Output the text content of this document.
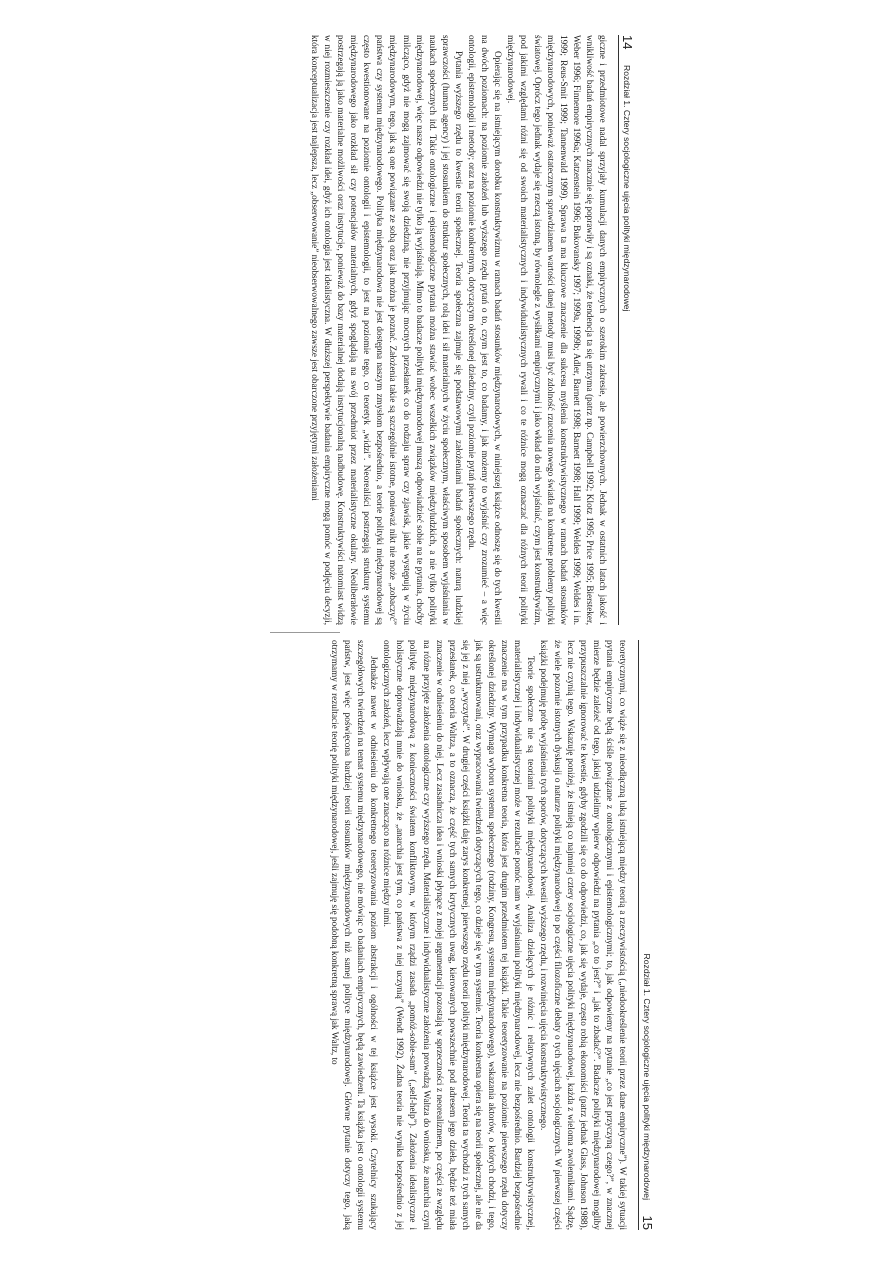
14
Rozdział 1. Cztery socjologiczne ujęcia polityki międzynarodowej

giczne i przedmiotowe nadal sprzyjały kumulacji danych empirycznych o szerokim zakresie, ale powierzchownych. Jednak w ostatnich latach jakość i wnikliwość badań empirycznych znacznie się poprawiły i są oznaki, że tendencja ta się utrzyma (patrz np. Campbell 1992; Klotz 1995; Price 1995; Biersteker, Weber 1996; Finnemore 1996a; Katzenstein 1996; Bukovansky 1997; 1999a, 1999b; Adler, Barnett 1998; Barnett 1998; Hall 1999; Weldes 1999; Weldes i in. 1999; Reus-Smit 1999; Tannenwald 1999). Sprawa ta ma kluczowe znaczenie dla sukcesu myślenia konstruktywistycznego w ramach badań stosunków międzynarodowych, ponieważ ostatecznym sprawdzianem wartości danej metody musi być zdolność rzucenia nowego światła na konkretne problemy polityki światowej. Oprócz tego jednak wydaje się rzeczą istotną, by równolegle z wysiłkami empirycznymi i jako wkład do nich wyjaśniać, czym jest konstruktywizm, pod jakimi względami różni się od swoich materialistycznych i indywidualistycznych rywali i co te różnice mogą oznaczać dla różnych teorii polityki międzynarodowej.

Opierając się na istniejącym dorobku konstruktywizmu w ramach badań stosunków międzynarodowych, w niniejszej książce odnoszę się do tych kwestii na dwóch poziomach: na poziomie założeń lub wyższego rzędu pytań o to, czym jest to, co badamy, i jak możemy to wyjaśnić czy zrozumieć – a więc ontologii, epistemologii i metody; oraz na poziomie konkretnym, dotyczącym określonej dziedziny, czyli poziomie pytań pierwszego rzędu.

Pytania wyższego rzędu to kwestie teorii społecznej. Teoria społeczna zajmuje się podstawowymi założeniami badań społecznych: naturą ludzkiej sprawczości (human agency) i jej stosunkiem do struktur społecznych, rolą idei i sił materialnych w życiu społecznym, właściwym sposobem wyjaśniania w naukach społecznych itd. Takie ontologiczne i epistemologiczne pytania można stawiać wobec wszelkich związków międzyludzkich, a nie tylko polityki międzynarodowej, więc nasze odpowiedzi nie tylko ją wyjaśniają. Mimo to badacze polityki międzynarodowej muszą odpowiadzieć sobie na te pytania, choćby milcząco, gdyż nie mogą zajmować się swoją dziedziną, nie przyjmując mocnych przesłanek co do rodzaju spraw czy zjawisk, jakie występują w życiu międzynarodowym, tego, jak są one powiązane ze sobą oraz jak można je poznać. Założenia takie są szczególnie istotne, ponieważ nikt nie może „zobaczyć” państwa czy systemu międzynarodowego. Polityka międzynarodowa nie jest dostępna naszym zmysłom bezpośrednio, a teorie polityki międzynarodowej są często kwestionowane na poziomie ontologii i epistemologii, to jest na poziomie tego, co teoretyk „widzi”. Neorealiści postrzegają strukturę systemu międzynarodowego jako rozkład sił czy potencjałów materialnych, gdyż spoglądają na swój przedmiot przez materialistyczne okulary. Neoliberałowie postrzegają ją jako materialne możliwości oraz instytucje, ponieważ do bazy materialnej dodają instytucjonalną nadbudowę. Konstruktywiści natomiast widzą w niej rozmieszczenie czy rozkład idei, gdyż ich ontologia jest idealistyczna. W dłuższej perspektywie badania empiryczne mogą pomóc w podjęciu decyzji, która konceptualizacja jest najlepsza, lecz „obserwowanie” nieobserwowalnego zawsze jest obarczone przyjętymi założeniami

Rozdział 1. Cztery socjologiczne ujęcia polityki międzynarodowej
15

teoretycznymi, co wiąże się z nieodłączną luką istniejącą między teorią a rzeczywistością („niedookreślenie teorii przez dane empiryczne”). W takiej sytuacji pytania empiryczne będą ściśle powiązane z ontologicznymi i epistemologicznymi; to, jak odpowiemy na pytanie „co jest przyczyną czego?”, w znacznej mierze będzie zależeć od tego, jakiej udzielimy wpierw odpowiedzi na pytania „co to jest?” i „jak to zbadać?”. Badacze polityki międzynarodowej mogliby przypuszczalnie ignorować te kwestie, gdyby zgodzili się co do odpowiedzi, co, jak się wydaje, często robią ekonomiści (patrz jednak Glass, Johnson 1988), lecz nie czynią tego. Wskazuję poniżej, że istnieją co najmniej cztery socjologiczne ujęcia polityki międzynarodowej, każda z wieloma zwolennikami. Sądzę, że wiele pozornie istotnych dyskusji o naturze polityki międzynarodowej to po części filozoficzne debaty o tych ujęciach socjologicznych. W pierwszej części książki podejmuję próbę wyjaśnienia tych sporów, dotyczących kwestii wyższego rzędu, i rozwinięcia ujęcia konstruktywistycznego.

Teorie społeczne nie są teoriami polityki międzynarodowej. Analiza dzielących je różnic i relatywnych zalet ontologii konstruktywistycznej, materialistycznej i indywidualistycznej może w rezultacie pomóc nam w wyjaśnianiu polityki międzynarodowej, lecz nie bezpośrednio. Bardziej bezpośrednie znaczenie ma w tym przypadku konkretna teoria, która jest drugim przedmiotem tej książki. Takie teoretyzowanie na poziomie pierwszego rzędu dotyczy określonej dziedziny. Wymaga wyboru systemu społecznego (rodziny, Kongresu, systemu międzynarodowego), wskazania aktorów, o których chodzi, i tego, jak są ustrukturowani, oraz wypracowania twierdzeń dotyczących tego, co dzieje się w tym systemie. Teoria konkretna opiera się na teorii społecznej, ale nie da się jej z niej „wyczytać”. W drugiej części książki daję zarys konkretnej, pierwszego rzędu teorii polityki międzynarodowej. Teoria ta wychodzi z tych samych przesłanek, co teoria Waltza, a to oznacza, że część tych samych krytycznych uwag, kierowanych powszechnie pod adresem jego dzieła, będzie też miała znaczenie w odniesieniu do niej. Lecz zasadnicza idea i wnioski płynące z mojej argumentacji pozostają w sprzeczności z neorealizmem, po części ze względu na różne przyjęte założenia ontologiczne czy wyższego rzędu. Materialistyczne i indywidualistyczne założenia prowadzą Waltza do wniosku, że anarchia czyni politykę międzynarodową z konieczności światem konfliktowym, w którym rządzi zasada „pomóż-sobie-sam” („self-help”). Założenia idealistyczne i holistyczne doprowadzają mnie do wniosku, że „anarchia jest tym, co państwa z niej uczynią” (Wendt 1992). Żadna teoria nie wynika bezpośrednio z jej ontologicznych założeń, lecz wpływają one znacząco na różnice między nimi.

Jednakże nawet w odniesieniu do konkretnego teoretyzowania poziom abstrakcji i ogólności w tej książce jest wysoki. Czytelnicy szukający szczegółowych twierdzeń na temat systemu międzynarodowego, nie mówiąc o badaniach empirycznych, będą zawiedzeni. Ta książka jest o ontologii systemu państw, jest więc poświęcona bardziej teorii stosunków międzynarodowych niż samej polityce międzynarodowej. Główne pytanie dotyczy tego, jaką otrzymamy w rezultacie teorię polityki międzynarodowej, jeśli zajmuję się podobną konkretną sprawą jak Waltz, to
